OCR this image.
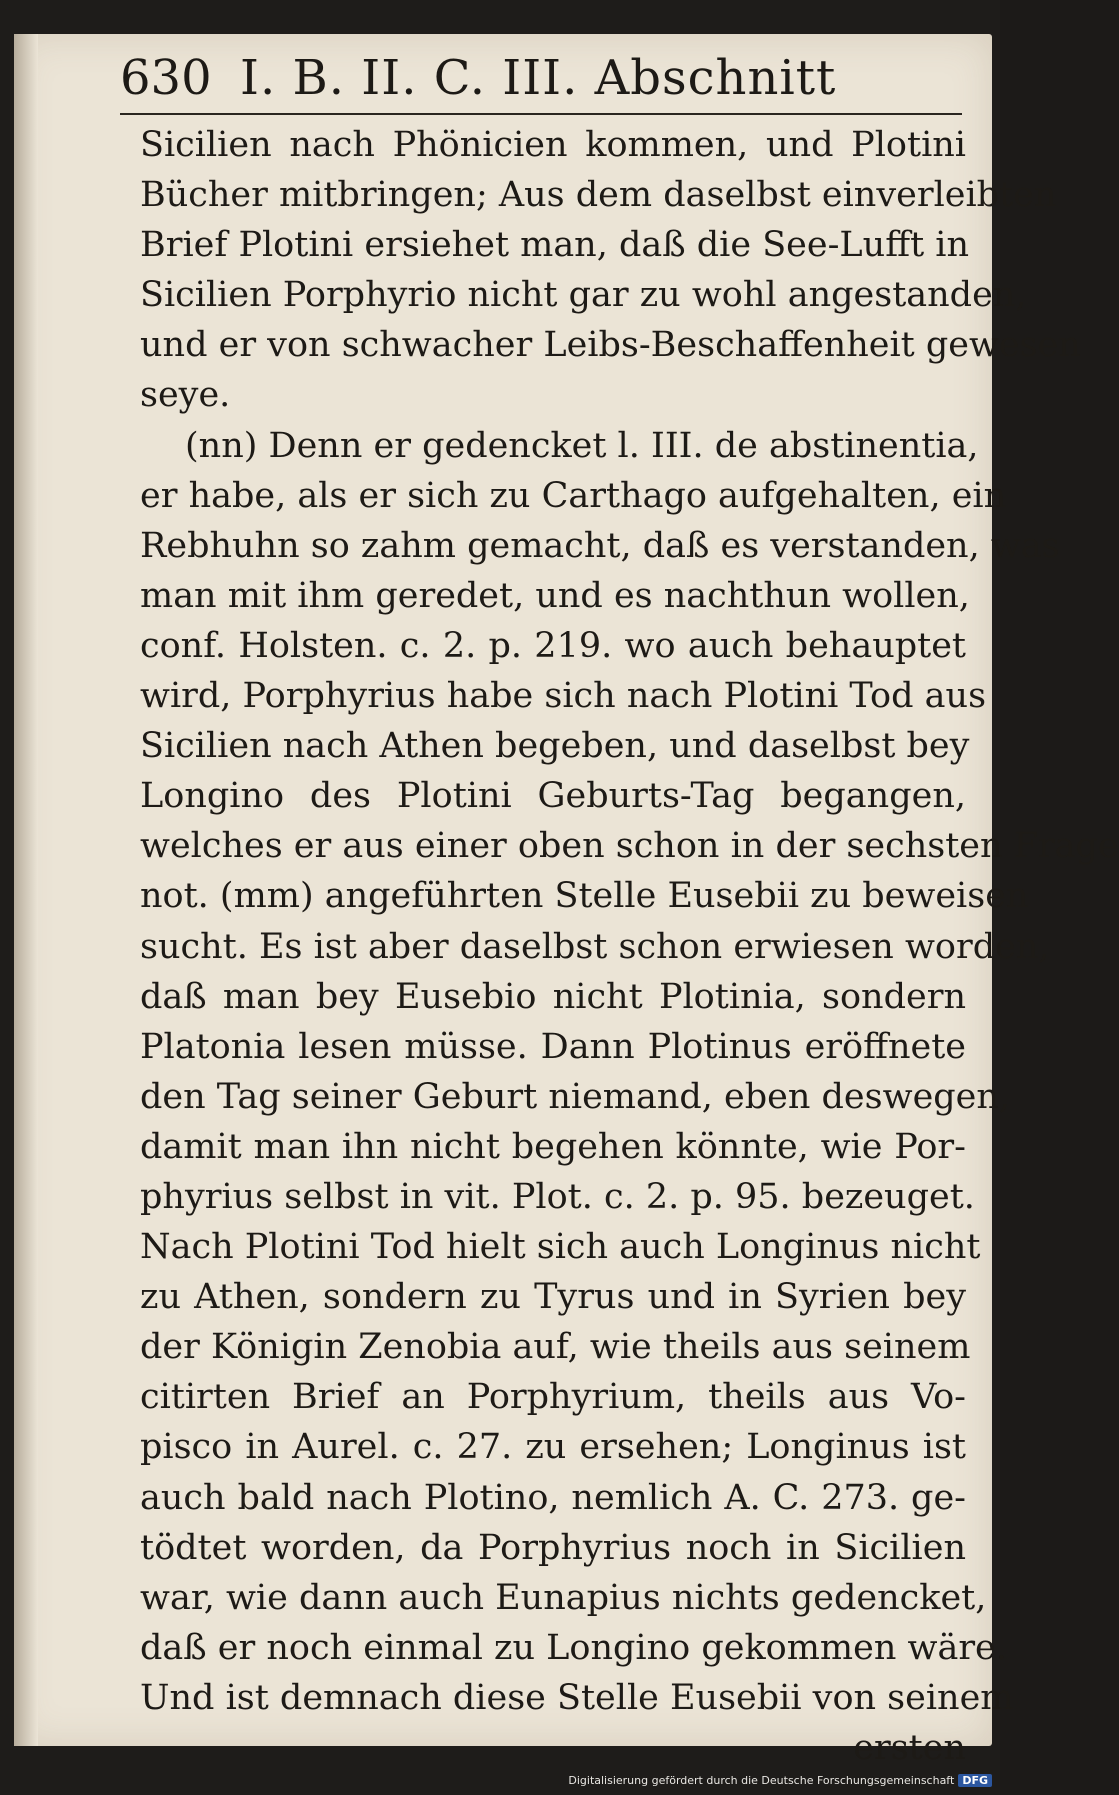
630 I. B. II. C. III. Abschnitt
Sicilien nach Phönicien kommen, und Plotini
Bücher mitbringen; Aus dem daselbst einverleibten
Brief Plotini ersiehet man, daß die See-Lufft in
Sicilien Porphyrio nicht gar zu wohl angestanden,
und er von schwacher Leibs-Beschaffenheit gewesen
seye.
(nn) Denn er gedencket l. III. de abstinentia,
er habe, als er sich zu Carthago aufgehalten, ein
Rebhuhn so zahm gemacht, daß es verstanden, was
man mit ihm geredet, und es nachthun wollen,
conf. Holsten. c. 2. p. 219. wo auch behauptet
wird, Porphyrius habe sich nach Plotini Tod aus
Sicilien nach Athen begeben, und daselbst bey
Longino des Plotini Geburts-Tag begangen,
welches er aus einer oben schon in der sechsten Frage
not. (mm) angeführten Stelle Eusebii zu beweisen
sucht. Es ist aber daselbst schon erwiesen worden,
daß man bey Eusebio nicht Plotinia, sondern
Platonia lesen müsse. Dann Plotinus eröffnete
den Tag seiner Geburt niemand, eben deswegen,
damit man ihn nicht begehen könnte, wie Por-
phyrius selbst in vit. Plot. c. 2. p. 95. bezeuget.
Nach Plotini Tod hielt sich auch Longinus nicht
zu Athen, sondern zu Tyrus und in Syrien bey
der Königin Zenobia auf, wie theils aus seinem
citirten Brief an Porphyrium, theils aus Vo-
pisco in Aurel. c. 27. zu ersehen; Longinus ist
auch bald nach Plotino, nemlich A. C. 273. ge-
tödtet worden, da Porphyrius noch in Sicilien
war, wie dann auch Eunapius nichts gedencket,
daß er noch einmal zu Longino gekommen wäre.
Und ist demnach diese Stelle Eusebii von seinem
ersten
Digitalisierung gefördert durch die Deutsche Forschungsgemeinschaft DFG
